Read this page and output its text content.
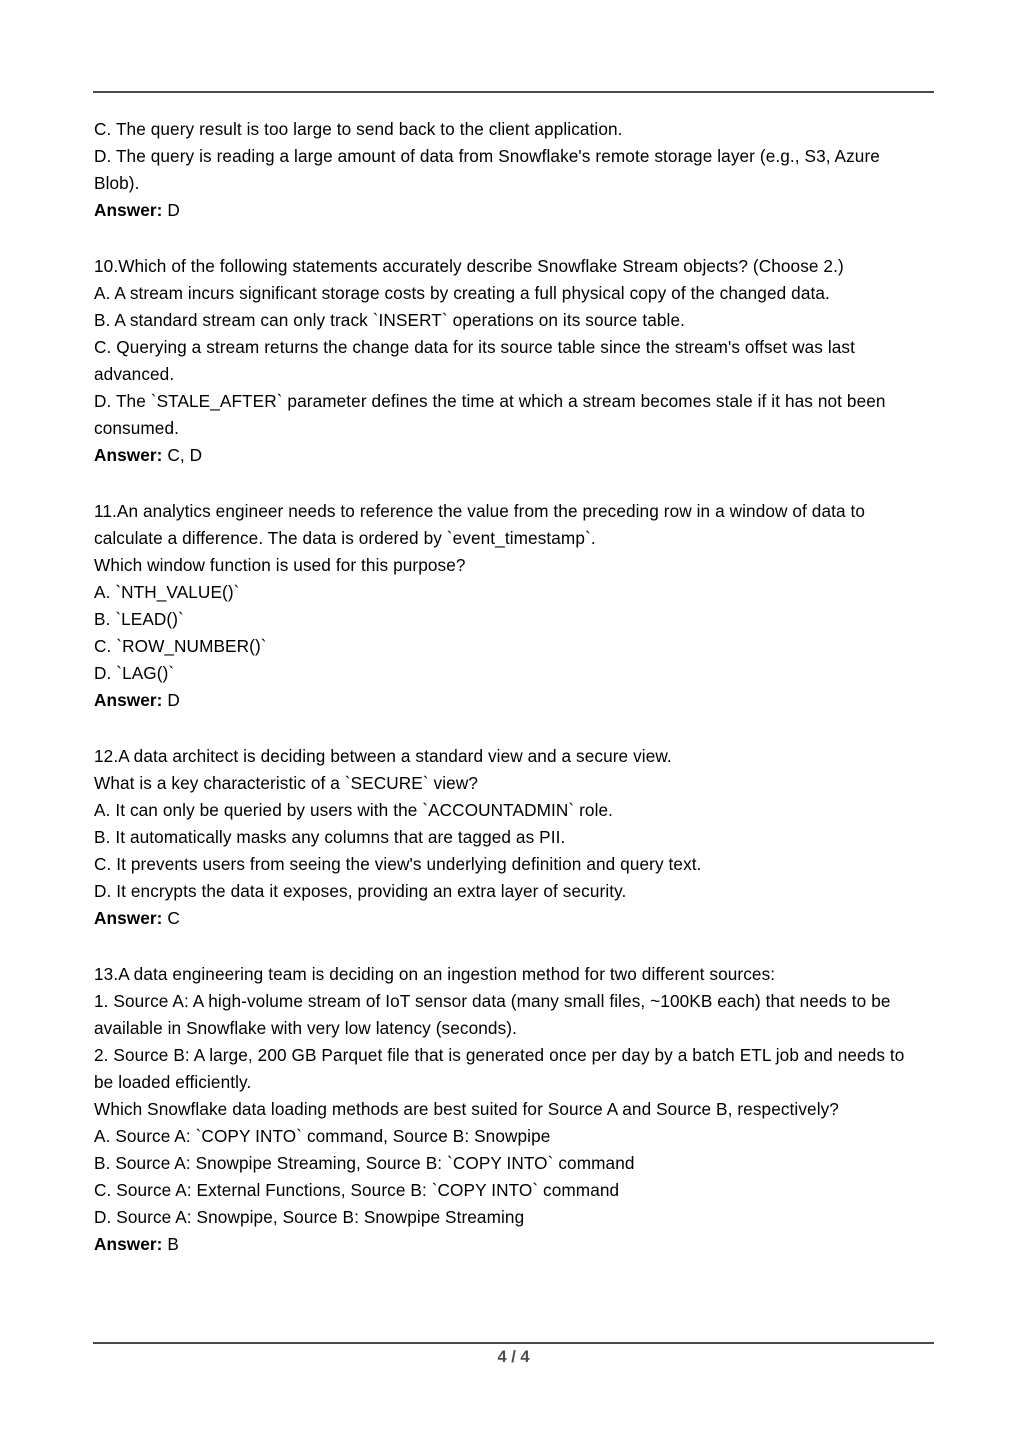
C. The query result is too large to send back to the client application.
D. The query is reading a large amount of data from Snowflake's remote storage layer (e.g., S3, Azure
Blob).
Answer: D
10.Which of the following statements accurately describe Snowflake Stream objects? (Choose 2.)
A. A stream incurs significant storage costs by creating a full physical copy of the changed data.
B. A standard stream can only track `INSERT` operations on its source table.
C. Querying a stream returns the change data for its source table since the stream's offset was last
advanced.
D. The `STALE_AFTER` parameter defines the time at which a stream becomes stale if it has not been
consumed.
Answer: C, D
11.An analytics engineer needs to reference the value from the preceding row in a window of data to
calculate a difference. The data is ordered by `event_timestamp`.
Which window function is used for this purpose?
A. `NTH_VALUE()`
B. `LEAD()`
C. `ROW_NUMBER()`
D. `LAG()`
Answer: D
12.A data architect is deciding between a standard view and a secure view.
What is a key characteristic of a `SECURE` view?
A. It can only be queried by users with the `ACCOUNTADMIN` role.
B. It automatically masks any columns that are tagged as PII.
C. It prevents users from seeing the view's underlying definition and query text.
D. It encrypts the data it exposes, providing an extra layer of security.
Answer: C
13.A data engineering team is deciding on an ingestion method for two different sources:
1. Source A: A high-volume stream of IoT sensor data (many small files, ~100KB each) that needs to be
available in Snowflake with very low latency (seconds).
2. Source B: A large, 200 GB Parquet file that is generated once per day by a batch ETL job and needs to
be loaded efficiently.
Which Snowflake data loading methods are best suited for Source A and Source B, respectively?
A. Source A: `COPY INTO` command, Source B: Snowpipe
B. Source A: Snowpipe Streaming, Source B: `COPY INTO` command
C. Source A: External Functions, Source B: `COPY INTO` command
D. Source A: Snowpipe, Source B: Snowpipe Streaming
Answer: B
4 / 4
